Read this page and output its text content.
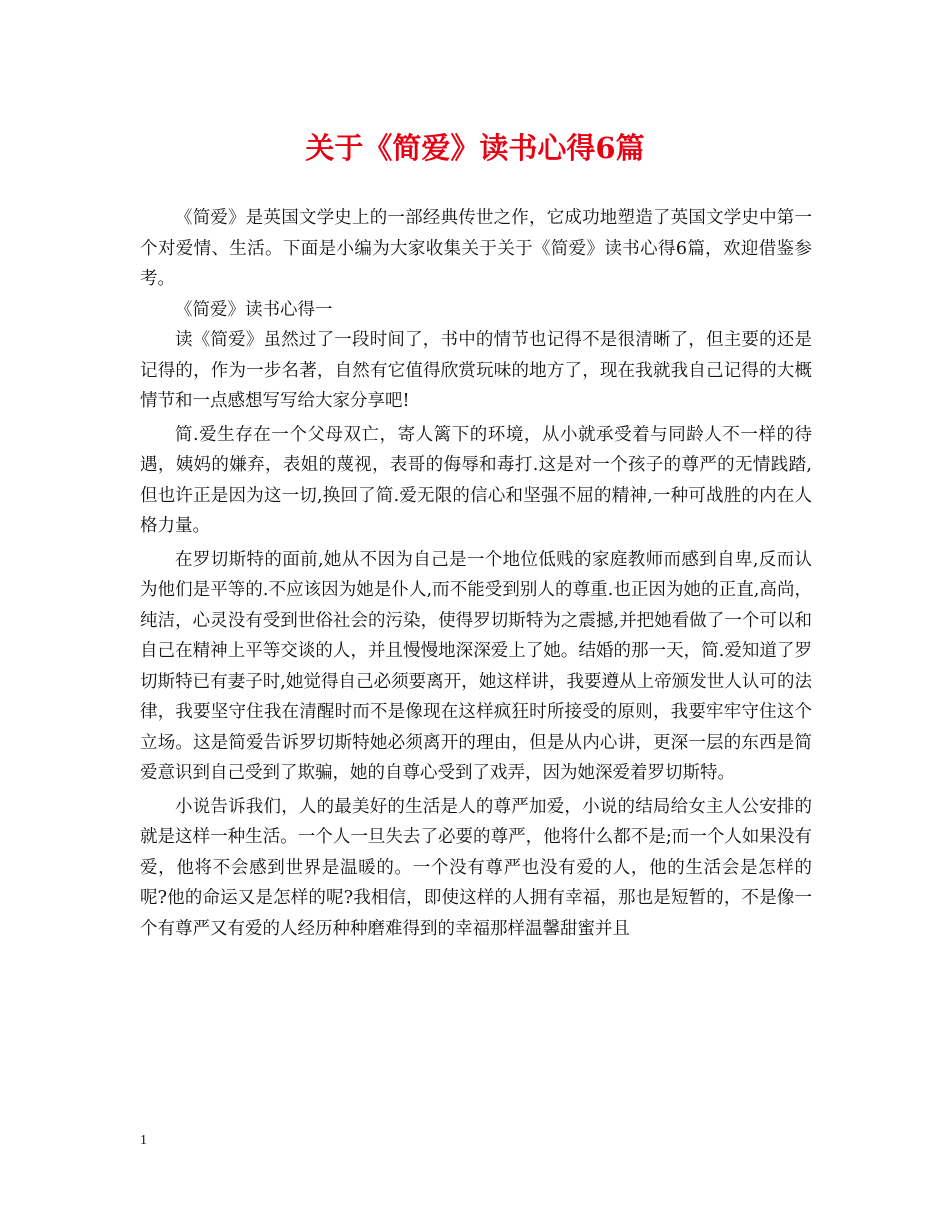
关于《简爱》读书心得6篇

《简爱》是英国文学史上的一部经典传世之作，它成功地塑造了英国文学史中第一个对爱情、生活。下面是小编为大家收集关于关于《简爱》读书心得6篇，欢迎借鉴参考。

《简爱》读书心得一

读《简爱》虽然过了一段时间了，书中的情节也记得不是很清晰了，但主要的还是记得的，作为一步名著，自然有它值得欣赏玩味的地方了，现在我就我自己记得的大概情节和一点感想写写给大家分享吧!

简.爱生存在一个父母双亡，寄人篱下的环境，从小就承受着与同龄人不一样的待遇，姨妈的嫌弃，表姐的蔑视，表哥的侮辱和毒打.这是对一个孩子的尊严的无情践踏,但也许正是因为这一切,换回了简.爱无限的信心和坚强不屈的精神,一种可战胜的内在人格力量。

在罗切斯特的面前,她从不因为自己是一个地位低贱的家庭教师而感到自卑,反而认为他们是平等的.不应该因为她是仆人,而不能受到别人的尊重.也正因为她的正直,高尚，纯洁，心灵没有受到世俗社会的污染，使得罗切斯特为之震撼,并把她看做了一个可以和自己在精神上平等交谈的人，并且慢慢地深深爱上了她。结婚的那一天，简.爱知道了罗切斯特已有妻子时,她觉得自己必须要离开，她这样讲，我要遵从上帝颁发世人认可的法律，我要坚守住我在清醒时而不是像现在这样疯狂时所接受的原则，我要牢牢守住这个立场。这是简爱告诉罗切斯特她必须离开的理由，但是从内心讲，更深一层的东西是简爱意识到自己受到了欺骗，她的自尊心受到了戏弄，因为她深爱着罗切斯特。

小说告诉我们，人的最美好的生活是人的尊严加爱，小说的结局给女主人公安排的就是这样一种生活。一个人一旦失去了必要的尊严，他将什么都不是;而一个人如果没有爱，他将不会感到世界是温暖的。一个没有尊严也没有爱的人，他的生活会是怎样的呢?他的命运又是怎样的呢?我相信，即使这样的人拥有幸福，那也是短暂的，不是像一个有尊严又有爱的人经历种种磨难得到的幸福那样温馨甜蜜并且

1
